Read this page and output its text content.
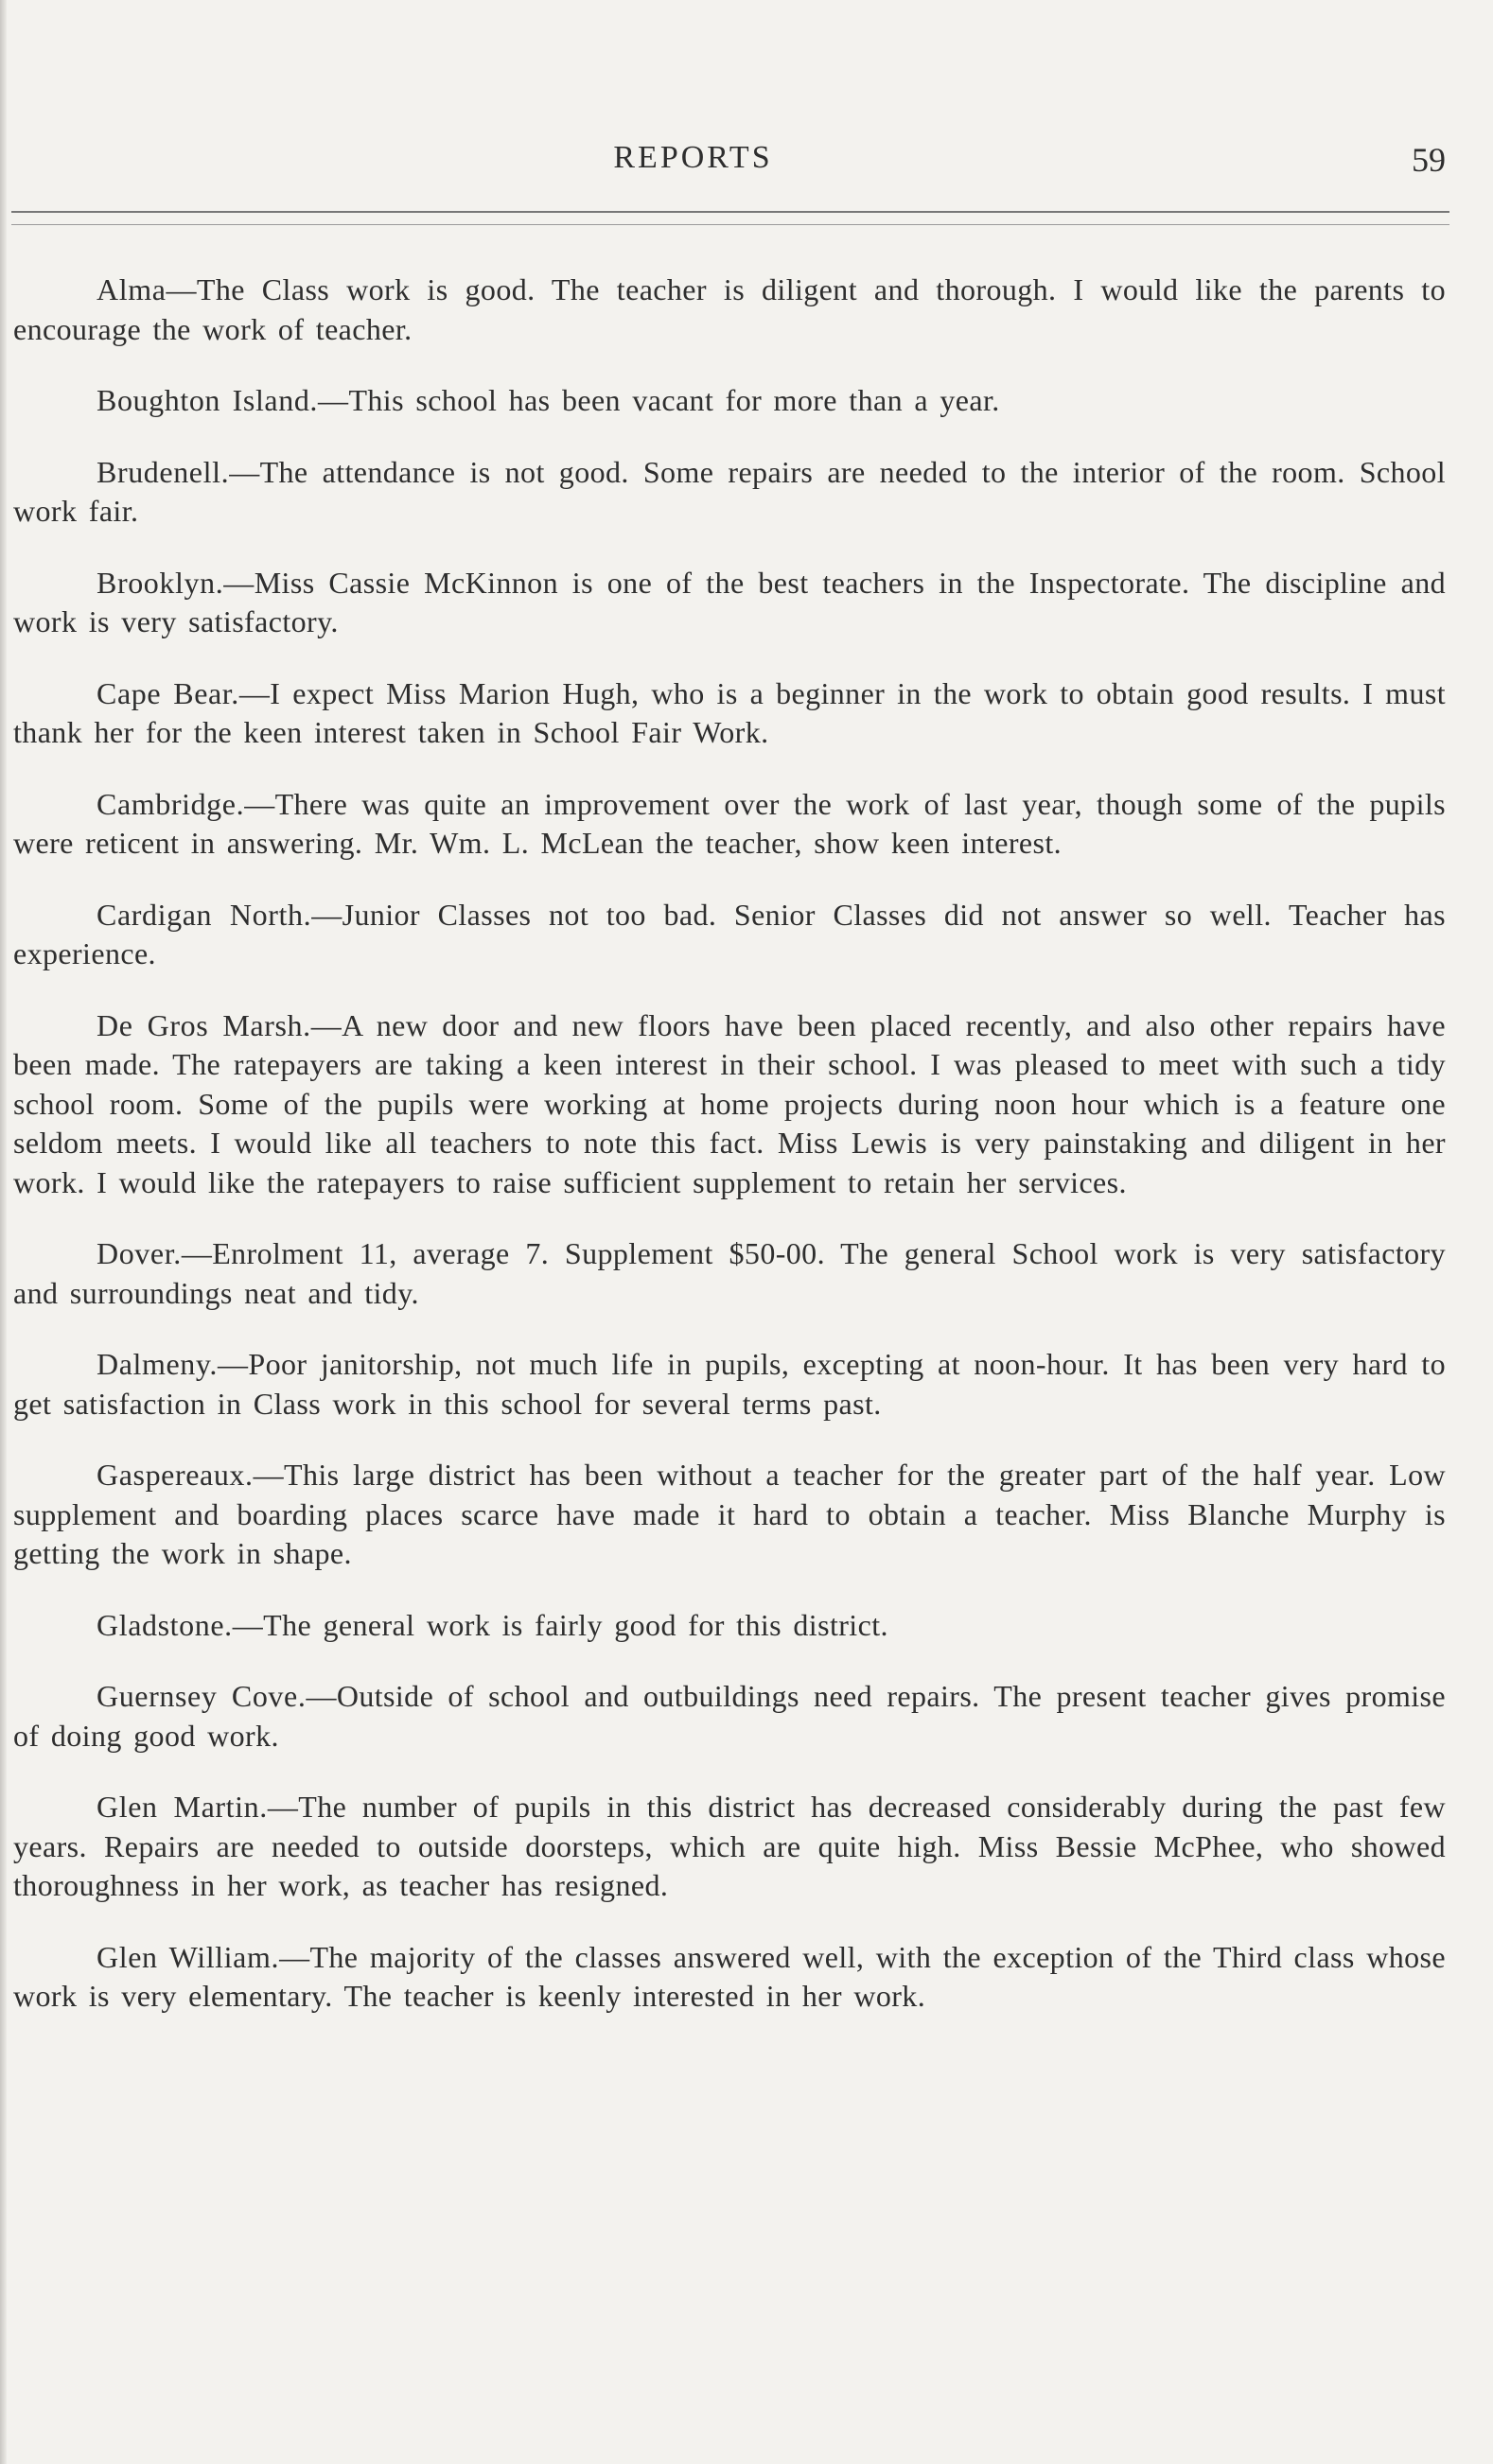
REPORTS	59

Alma—The Class work is good. The teacher is diligent and thorough. I would like the parents to encourage the work of teacher.

Boughton Island.—This school has been vacant for more than a year.

Brudenell.—The attendance is not good. Some repairs are needed to the interior of the room. School work fair.

Brooklyn.—Miss Cassie McKinnon is one of the best teachers in the Inspectorate. The discipline and work is very satisfactory.

Cape Bear.—I expect Miss Marion Hugh, who is a beginner in the work to obtain good results. I must thank her for the keen interest taken in School Fair Work.

Cambridge.—There was quite an improvement over the work of last year, though some of the pupils were reticent in answering. Mr. Wm. L. McLean the teacher, show keen interest.

Cardigan North.—Junior Classes not too bad. Senior Classes did not answer so well. Teacher has experience.

De Gros Marsh.—A new door and new floors have been placed recently, and also other repairs have been made. The ratepayers are taking a keen interest in their school. I was pleased to meet with such a tidy school room. Some of the pupils were working at home projects during noon hour which is a feature one seldom meets. I would like all teachers to note this fact. Miss Lewis is very painstaking and diligent in her work. I would like the ratepayers to raise sufficient supplement to retain her services.

Dover.—Enrolment 11, average 7. Supplement $50-00. The general School work is very satisfactory and surroundings neat and tidy.

Dalmeny.—Poor janitorship, not much life in pupils, excepting at noon-hour. It has been very hard to get satisfaction in Class work in this school for several terms past.

Gaspereaux.—This large district has been without a teacher for the greater part of the half year. Low supplement and boarding places scarce have made it hard to obtain a teacher. Miss Blanche Murphy is getting the work in shape.

Gladstone.—The general work is fairly good for this district.

Guernsey Cove.—Outside of school and outbuildings need repairs. The present teacher gives promise of doing good work.

Glen Martin.—The number of pupils in this district has decreased considerably during the past few years. Repairs are needed to outside doorsteps, which are quite high. Miss Bessie McPhee, who showed thoroughness in her work, as teacher has resigned.

Glen William.—The majority of the classes answered well, with the exception of the Third class whose work is very elementary. The teacher is keenly interested in her work.
